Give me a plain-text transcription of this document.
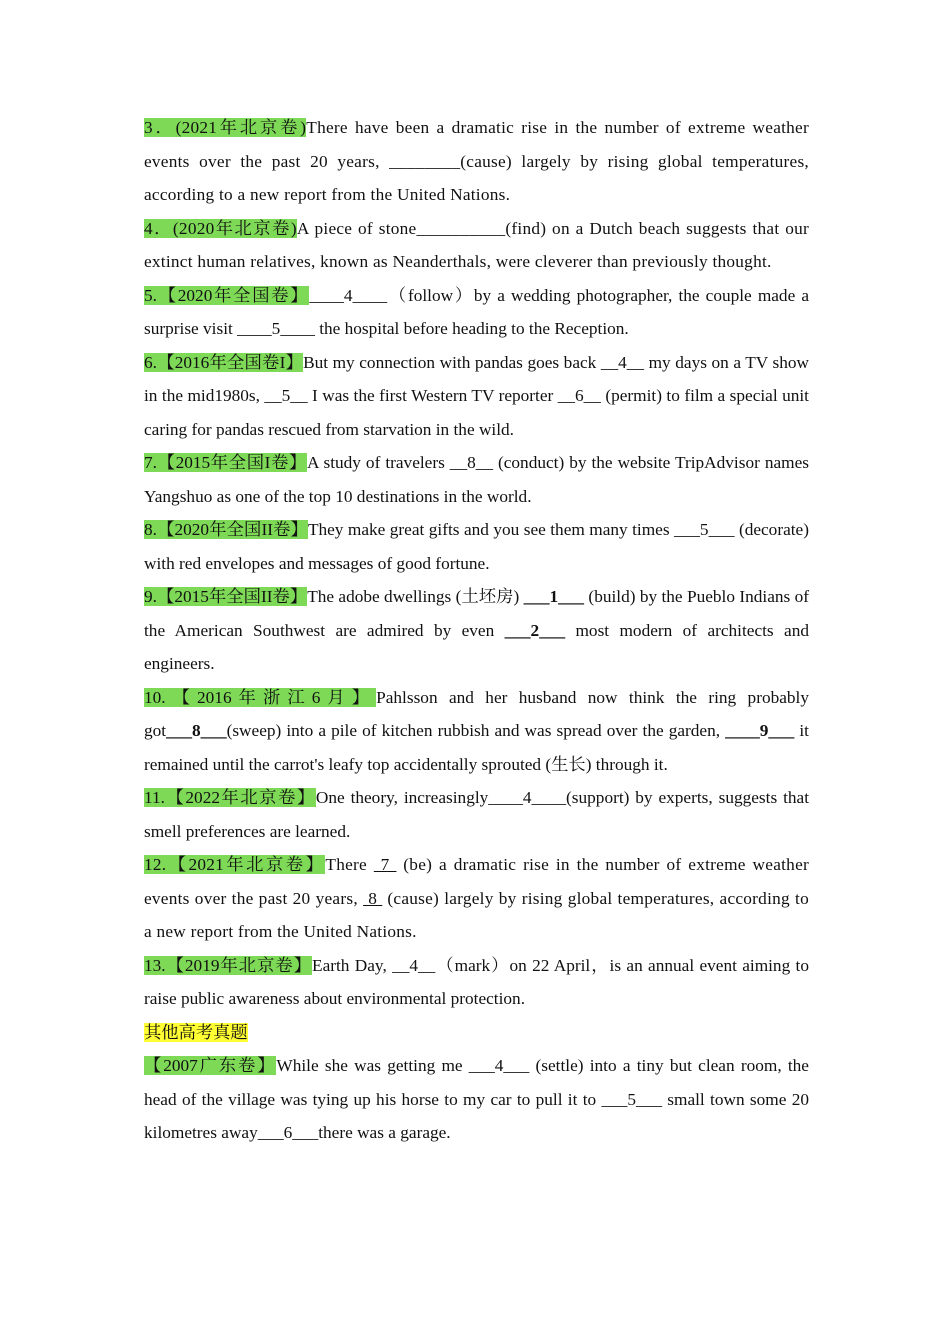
3．(2021年北京卷)There have been a dramatic rise in the number of extreme weather events over the past 20 years, ________(cause) largely by rising global temperatures, according to a new report from the United Nations.

4．(2020年北京卷)A piece of stone__________(find) on a Dutch beach suggests that our extinct human relatives, known as Neanderthals, were cleverer than previously thought.

5.【2020年全国卷】____4____（follow）by a wedding photographer, the couple made a surprise visit ____5____ the hospital before heading to the Reception.

6.【2016年全国卷I】But my connection with pandas goes back __4__ my days on a TV show in the mid1980s, __5__ I was the first Western TV reporter __6__ (permit) to film a special unit caring for pandas rescued from starvation in the wild.

7.【2015年全国I卷】A study of travelers __8__ (conduct) by the website TripAdvisor names Yangshuo as one of the top 10 destinations in the world.

8.【2020年全国II卷】They make great gifts and you see them many times ___5___ (decorate) with red envelopes and messages of good fortune.

9.【2015年全国II卷】The adobe dwellings (土坯房) ___1___ (build) by the Pueblo Indians of the American Southwest are admired by even ___2___ most modern of architects and engineers.

10.【2016年浙江6月】Pahlsson and her husband now think the ring probably got___8___(sweep) into a pile of kitchen rubbish and was spread over the garden, ____9___ it remained until the carrot's leafy top accidentally sprouted (生长) through it.

11.【2022年北京卷】One theory, increasingly____4____(support) by experts, suggests that smell preferences are learned.

12.【2021年北京卷】There  7  (be) a dramatic rise in the number of extreme weather events over the past 20 years,  8  (cause) largely by rising global temperatures, according to a new report from the United Nations.

13.【2019年北京卷】Earth Day, __4__（mark）on 22 April，is an annual event aiming to raise public awareness about environmental protection.

其他高考真题

【2007广东卷】While she was getting me ___4___ (settle) into a tiny but clean room, the head of the village was tying up his horse to my car to pull it to ___5___ small town some 20 kilometres away___6___there was a garage.
